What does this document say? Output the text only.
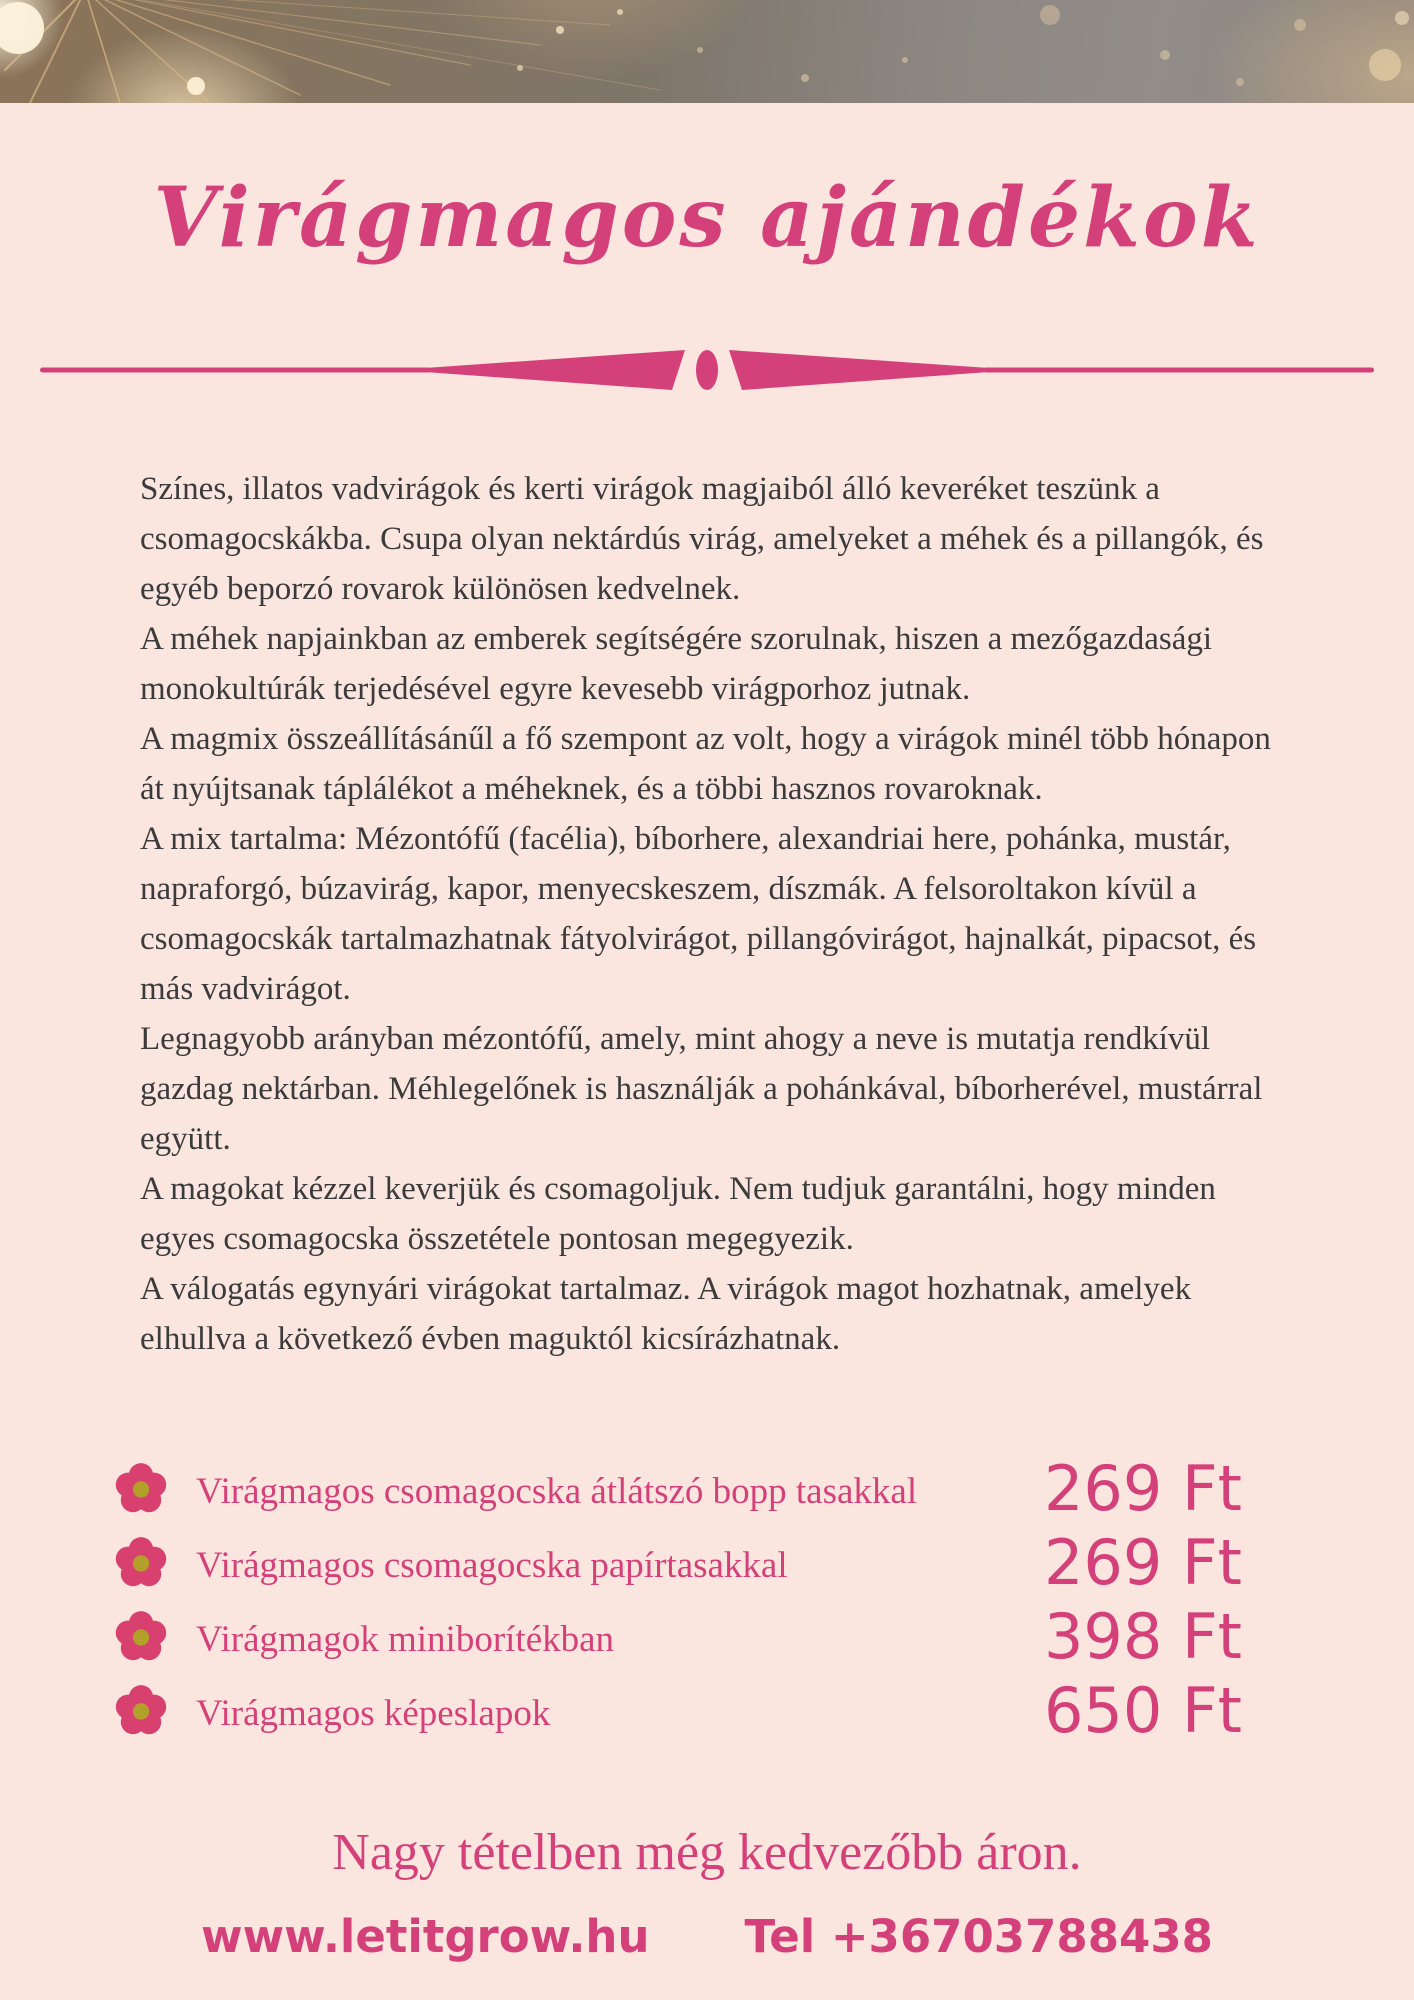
Virágmagos ajándékok

Színes, illatos vadvirágok és kerti virágok magjaiból álló keveréket teszünk a csomagocskákba. Csupa olyan nektárdús virág, amelyeket a méhek és a pillangók, és egyéb beporzó rovarok különösen kedvelnek.

A méhek napjainkban az emberek segítségére szorulnak, hiszen a mezőgazdasági monokultúrák terjedésével egyre kevesebb virágporhoz jutnak.

A magmix összeállításánűl a fő szempont az volt, hogy a virágok minél több hónapon át nyújtsanak táplálékot a méheknek, és a többi hasznos rovaroknak.

A mix tartalma: Mézontófű (facélia), bíborhere, alexandriai here, pohánka, mustár, napraforgó, búzavirág, kapor, menyecskeszem, díszmák. A felsoroltakon kívül a csomagocskák tartalmazhatnak fátyolvirágot, pillangóvirágot, hajnalkát, pipacsot, és más vadvirágot.

Legnagyobb arányban mézontófű, amely, mint ahogy a neve is mutatja rendkívül gazdag nektárban. Méhlegelőnek is használják a pohánkával, bíborherével, mustárral együtt.

A magokat kézzel keverjük és csomagoljuk. Nem tudjuk garantálni, hogy minden egyes csomagocska összetétele pontosan megegyezik.

A válogatás egynyári virágokat tartalmaz. A virágok magot hozhatnak, amelyek elhullva a következő évben maguktól kicsírázhatnak.

Virágmagos csomagocska átlátszó bopp tasakkal	269 Ft
Virágmagos csomagocska papírtasakkal	269 Ft
Virágmagok miniborítékban	398 Ft
Virágmagos képeslapok	650 Ft
Nagy tételben még kedvezőbb áron.
www.letitgrow.hu Tel +36703788438
